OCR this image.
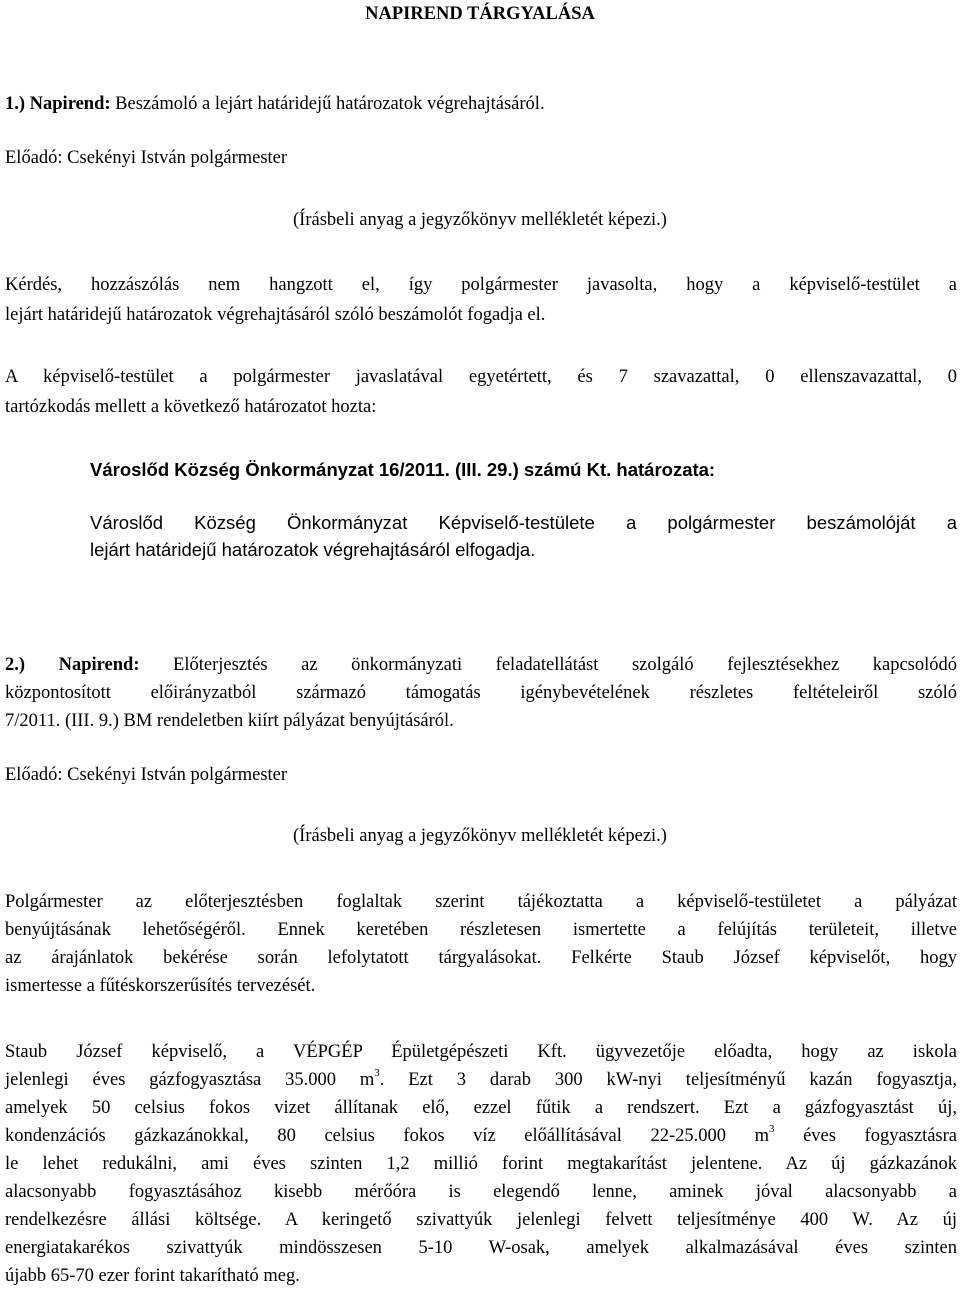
NAPIREND TÁRGYALÁSA
1.) Napirend: Beszámoló a lejárt határidejű határozatok végrehajtásáról.
Előadó: Csekényi István polgármester
(Írásbeli anyag a jegyzőkönyv mellékletét képezi.)
Kérdés, hozzászólás nem hangzott el, így polgármester javasolta, hogy a képviselő-testület a
lejárt határidejű határozatok végrehajtásáról szóló beszámolót fogadja el.
A képviselő-testület a polgármester javaslatával egyetértett, és 7 szavazattal, 0 ellenszavazattal, 0
tartózkodás mellett a következő határozatot hozta:
Városlőd Község Önkormányzat 16/2011. (III. 29.) számú Kt. határozata:
Városlőd Község Önkormányzat Képviselő-testülete a polgármester beszámolóját a
lejárt határidejű határozatok végrehajtásáról elfogadja.
2.) Napirend: Előterjesztés az önkormányzati feladatellátást szolgáló fejlesztésekhez kapcsolódó
központosított előirányzatból származó támogatás igénybevételének részletes feltételeiről szóló
7/2011. (III. 9.) BM rendeletben kiírt pályázat benyújtásáról.
Előadó: Csekényi István polgármester
(Írásbeli anyag a jegyzőkönyv mellékletét képezi.)
Polgármester az előterjesztésben foglaltak szerint tájékoztatta a képviselő-testületet a pályázat
benyújtásának lehetőségéről. Ennek keretében részletesen ismertette a felújítás területeit, illetve
az árajánlatok bekérése során lefolytatott tárgyalásokat. Felkérte Staub József képviselőt, hogy
ismertesse a fűtéskorszerűsítés tervezését.
Staub József képviselő, a VÉPGÉP Épületgépészeti Kft. ügyvezetője előadta, hogy az iskola
jelenlegi éves gázfogyasztása 35.000 $m^3$. Ezt 3 darab 300 kW-nyi teljesítményű kazán fogyasztja,
amelyek 50 celsius fokos vizet állítanak elő, ezzel fűtik a rendszert. Ezt a gázfogyasztást új,
kondenzációs gázkazánokkal, 80 celsius fokos víz előállításával 22-25.000 $m^3$ éves fogyasztásra
le lehet redukálni, ami éves szinten 1,2 millió forint megtakarítást jelentene. Az új gázkazánok
alacsonyabb fogyasztásához kisebb mérőóra is elegendő lenne, aminek jóval alacsonyabb a
rendelkezésre állási költsége. A keringető szivattyúk jelenlegi felvett teljesítménye 400 W. Az új
energiatakarékos szivattyúk mindösszesen 5-10 W-osak, amelyek alkalmazásával éves szinten
újabb 65-70 ezer forint takarítható meg.
